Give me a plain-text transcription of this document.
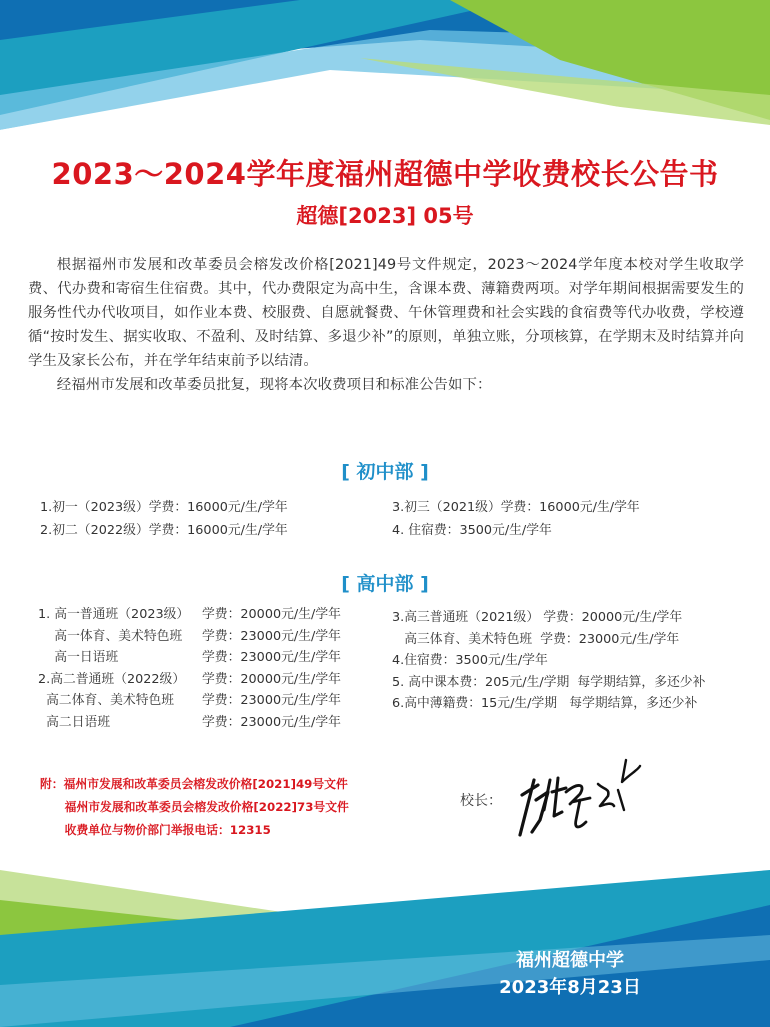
2023～2024学年度福州超德中学收费校长公告书
超德[2023] 05号

根据福州市发展和改革委员会榕发改价格[2021]49号文件规定，2023～2024学年度本校对学生收取学费、代办费和寄宿生住宿费。其中，代办费限定为高中生，含课本费、薄籍费两项。对学年期间根据需要发生的服务性代办代收项目，如作业本费、校服费、自愿就餐费、午休管理费和社会实践的食宿费等代办收费，学校遵循“按时发生、据实收取、不盈利、及时结算、多退少补”的原则，单独立账，分项核算，在学期末及时结算并向学生及家长公布，并在学年结束前予以结清。

经福州市发展和改革委员批复，现将本次收费项目和标准公告如下：

[ 初中部 ]
1.初一（2023级）学费：16000元/生/学年
2.初二（2022级）学费：16000元/生/学年
3.初三（2021级）学费：16000元/生/学年
4. 住宿费：3500元/生/学年
[ 高中部 ]
1. 高一普通班（2023级） 学费：20000元/生/学年
高一体育、美术特色班 学费：23000元/生/学年
高一日语班	学费：23000元/生/学年
2.高二普通班（2022级） 学费：20000元/生/学年
高二体育、美术特色班 学费：23000元/生/学年
高二日语班	学费：23000元/生/学年
3.高三普通班（2021级） 学费：20000元/生/学年
高三体育、美术特色班  学费：23000元/生/学年
4.住宿费：3500元/生/学年
5. 高中课本费：205元/生/学期  每学期结算，多还少补
6.高中薄籍费：15元/生/学期   每学期结算，多还少补
附：福州市发展和改革委员会榕发改价格[2021]49号文件
福州市发展和改革委员会榕发改价格[2022]73号文件
收费单位与物价部门举报电话：12315
校长：
福州超德中学
2023年8月23日
